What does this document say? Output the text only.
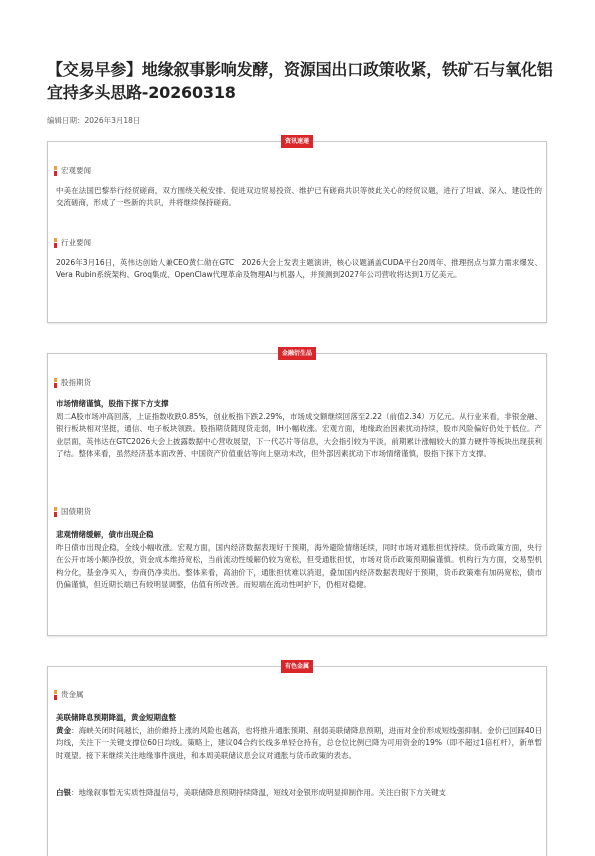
【交易早参】地缘叙事影响发酵，资源国出口政策收紧，铁矿石与氧化铝宜持多头思路-20260318
编辑日期：2026年3月18日
资讯速递
宏观要闻

中美在法国巴黎举行经贸磋商，双方围绕关税安排、促进双边贸易投资、维护已有磋商共识等彼此关心的经贸议题，进行了坦诚、深入、建设性的交流磋商，形成了一些新的共识，并将继续保持磋商。

行业要闻

2026年3月16日，英伟达创始人兼CEO黄仁勋在GTC　2026大会上发表主题演讲，核心议题涵盖CUDA平台20周年、推理拐点与算力需求爆发、Vera Rubin系统架构、Groq集成、OpenClaw代理革命及物理AI与机器人，并预测到2027年公司营收将达到1万亿美元。

金融衍生品
股指期货
市场情绪谨慎，股指下探下方支撑

周二A股市场冲高回落，上证指数收跌0.85%，创业板指下跌2.29%，市场成交额继续回落至2.22（前值2.34）万亿元。从行业来看，非银金融、银行板块相对坚挺，通信、电子板块领跌。股指期货随现货走弱，IH小幅收涨。宏观方面，地缘政治因素扰动持续，股市风险偏好仍处于低位。产业层面，英伟达在GTC2026大会上披露数据中心营收展望，下一代芯片等信息，大会指引较为平淡，前期累计涨幅较大的算力硬件等板块出现获利了结。整体来看，虽然经济基本面改善、中国资产价值重估等向上驱动未改，但外部因素扰动下市场情绪谨慎，股指下探下方支撑。

国债期货
悲观情绪缓解，债市出现企稳

昨日债市出现企稳，全线小幅收涨。宏观方面，国内经济数据表现好于预期，海外避险情绪延续，同时市场对通胀担忧持续。货币政策方面，央行在公开市场小额净投放，资金成本维持宽松，当前流动性缓解仍较为宽松，但受通胀担忧，市场对货币政策预期偏谨慎。机构行为方面，交易型机构分化，基金净买入，券商仍净卖出。整体来看，高油价下，通胀担忧难以消退，叠加国内经济数据表现好于预期，货币政策难有加码宽松，债市仍偏谨慎，但近期长端已有较明显调整，估值有所改善。而短端在流动性呵护下，仍相对稳健。

有色金属
贵金属
美联储降息预期降温，黄金短期盘整

黄金：海峡关闭时间越长，油价維持上涨的风险也越高，也将推升通胀预期、削弱美联储降息预期，进而对金价形成短线强抑制。金价已回踩40日均线，关注下一关键支撑位60日均线。策略上，建议04合约长线多单轻仓持有，总仓位比例已降为可用资金的19%（即不超过1倍杠杆），新单暂时观望。接下来继续关注地缘事件演进，和本周美联储议息会议对通胀与货币政策的表态。

白银：地缘叙事暂无实质性降温信号，美联储降息预期持续降温，短线对金银形成明显抑制作用。关注白银下方关键支
